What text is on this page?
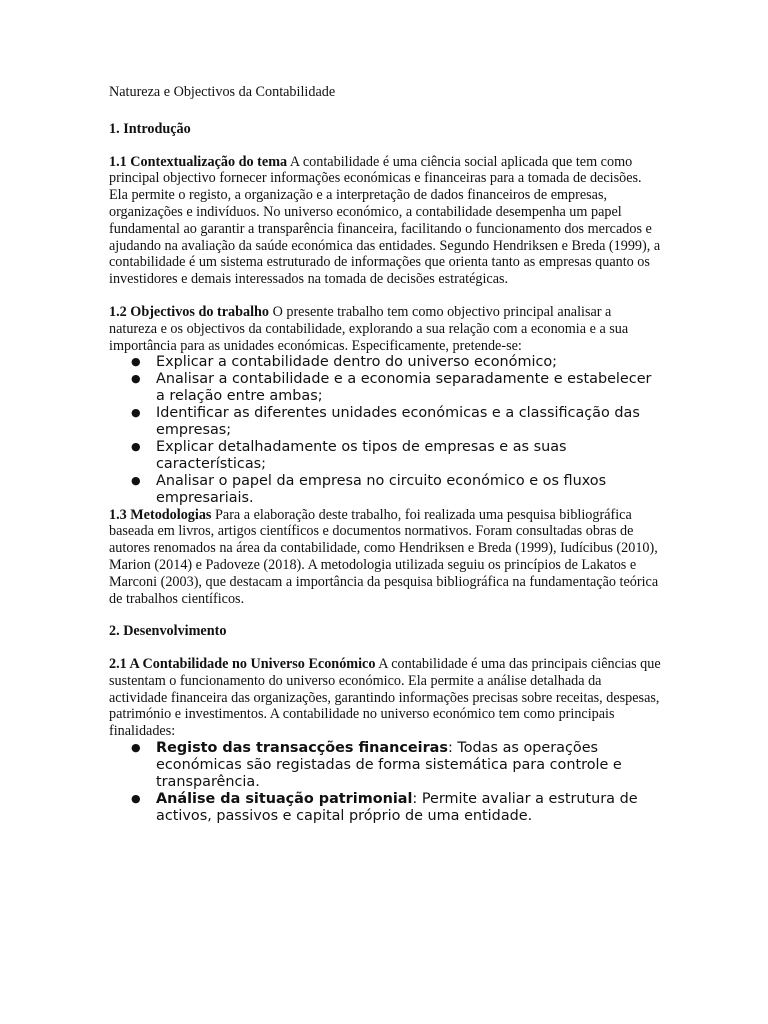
Natureza e Objectivos da Contabilidade

1. Introdução

1.1 Contextualização do tema A contabilidade é uma ciência social aplicada que tem como principal objectivo fornecer informações económicas e financeiras para a tomada de decisões. Ela permite o registo, a organização e a interpretação de dados financeiros de empresas, organizações e indivíduos. No universo económico, a contabilidade desempenha um papel fundamental ao garantir a transparência financeira, facilitando o funcionamento dos mercados e ajudando na avaliação da saúde económica das entidades. Segundo Hendriksen e Breda (1999), a contabilidade é um sistema estruturado de informações que orienta tanto as empresas quanto os investidores e demais interessados na tomada de decisões estratégicas.

1.2 Objectivos do trabalho O presente trabalho tem como objectivo principal analisar a natureza e os objectivos da contabilidade, explorando a sua relação com a economia e a sua importância para as unidades económicas. Especificamente, pretende-se:

● Explicar a contabilidade dentro do universo económico;
● Analisar a contabilidade e a economia separadamente e estabelecer a relação entre ambas;
● Identificar as diferentes unidades económicas e a classificação das empresas;
● Explicar detalhadamente os tipos de empresas e as suas características;
● Analisar o papel da empresa no circuito económico e os fluxos empresariais.

1.3 Metodologias Para a elaboração deste trabalho, foi realizada uma pesquisa bibliográfica baseada em livros, artigos científicos e documentos normativos. Foram consultadas obras de autores renomados na área da contabilidade, como Hendriksen e Breda (1999), Iudícibus (2010), Marion (2014) e Padoveze (2018). A metodologia utilizada seguiu os princípios de Lakatos e Marconi (2003), que destacam a importância da pesquisa bibliográfica na fundamentação teórica de trabalhos científicos.

2. Desenvolvimento

2.1 A Contabilidade no Universo Económico A contabilidade é uma das principais ciências que sustentam o funcionamento do universo económico. Ela permite a análise detalhada da actividade financeira das organizações, garantindo informações precisas sobre receitas, despesas, património e investimentos. A contabilidade no universo económico tem como principais finalidades:

● Registo das transacções financeiras: Todas as operações económicas são registadas de forma sistemática para controle e transparência.
● Análise da situação patrimonial: Permite avaliar a estrutura de activos, passivos e capital próprio de uma entidade.
